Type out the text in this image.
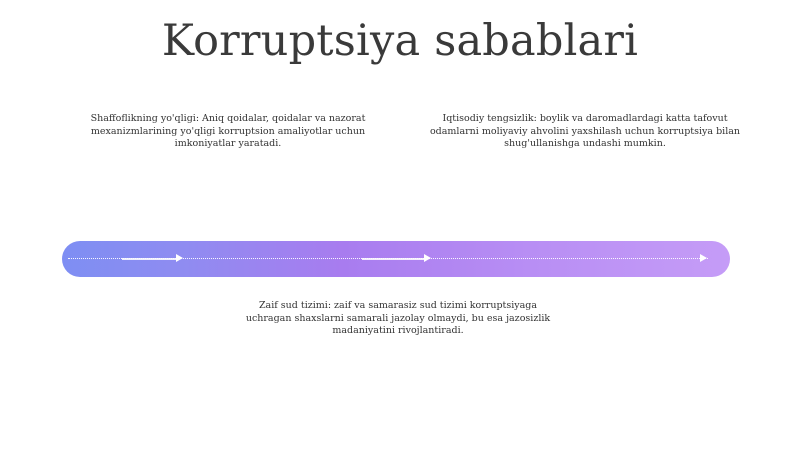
Korruptsiya sabablari
Shaffoflikning yo'qligi: Aniq qoidalar, qoidalar va nazorat mexanizmlarining yo'qligi korruptsion amaliyotlar uchun imkoniyatlar yaratadi.
Iqtisodiy tengsizlik: boylik va daromadlardagi katta tafovut odamlarni moliyaviy ahvolini yaxshilash uchun korruptsiya bilan shug'ullanishga undashi mumkin.
Zaif sud tizimi: zaif va samarasiz sud tizimi korruptsiyaga uchragan shaxslarni samarali jazolay olmaydi, bu esa jazosizlik madaniyatini rivojlantiradi.
